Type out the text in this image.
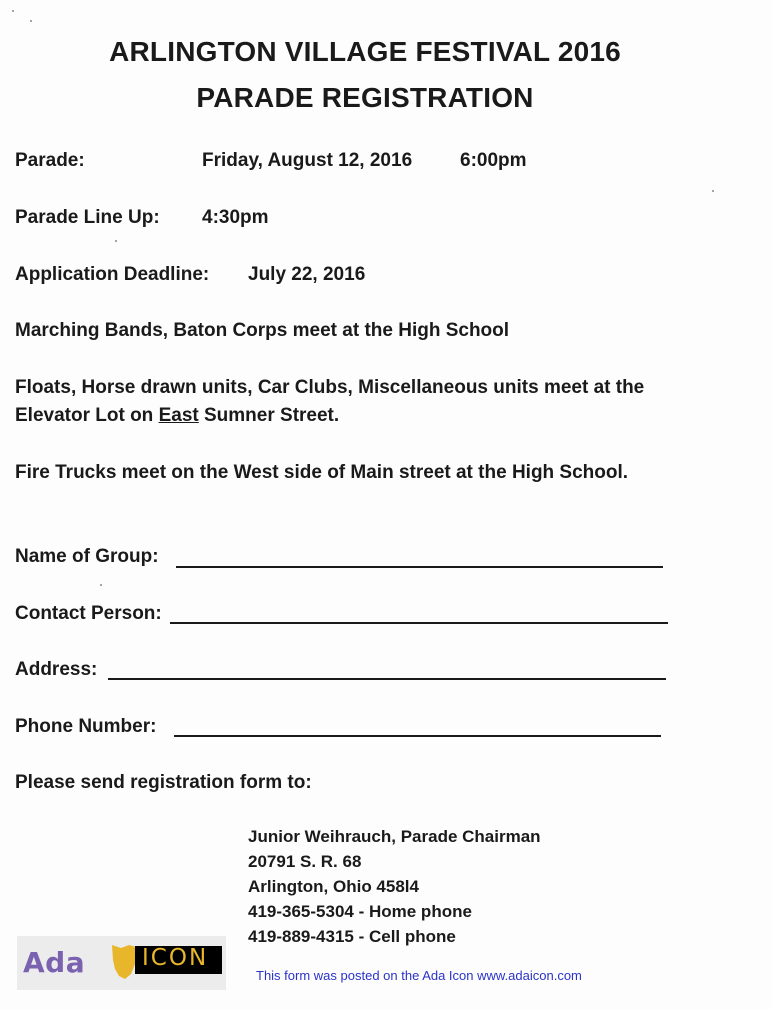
ARLINGTON VILLAGE FESTIVAL 2016
PARADE REGISTRATION
Parade:	Friday, August 12, 2016	6:00pm
Parade Line Up: 4:30pm
Application Deadline: July 22, 2016
Marching Bands, Baton Corps meet at the High School
Floats, Horse drawn units, Car Clubs, Miscellaneous units meet at the
Elevator Lot on East Sumner Street.
Fire Trucks meet on the West side of Main street at the High School.
Name of Group:
Contact Person:
Address:
Phone Number:
Please send registration form to:
Junior Weihrauch, Parade Chairman
20791 S. R. 68
Arlington, Ohio 458l4
419-365-5304 - Home phone
419-889-4315 - Cell phone
Ada ICON
This form was posted on the Ada Icon www.adaicon.com
